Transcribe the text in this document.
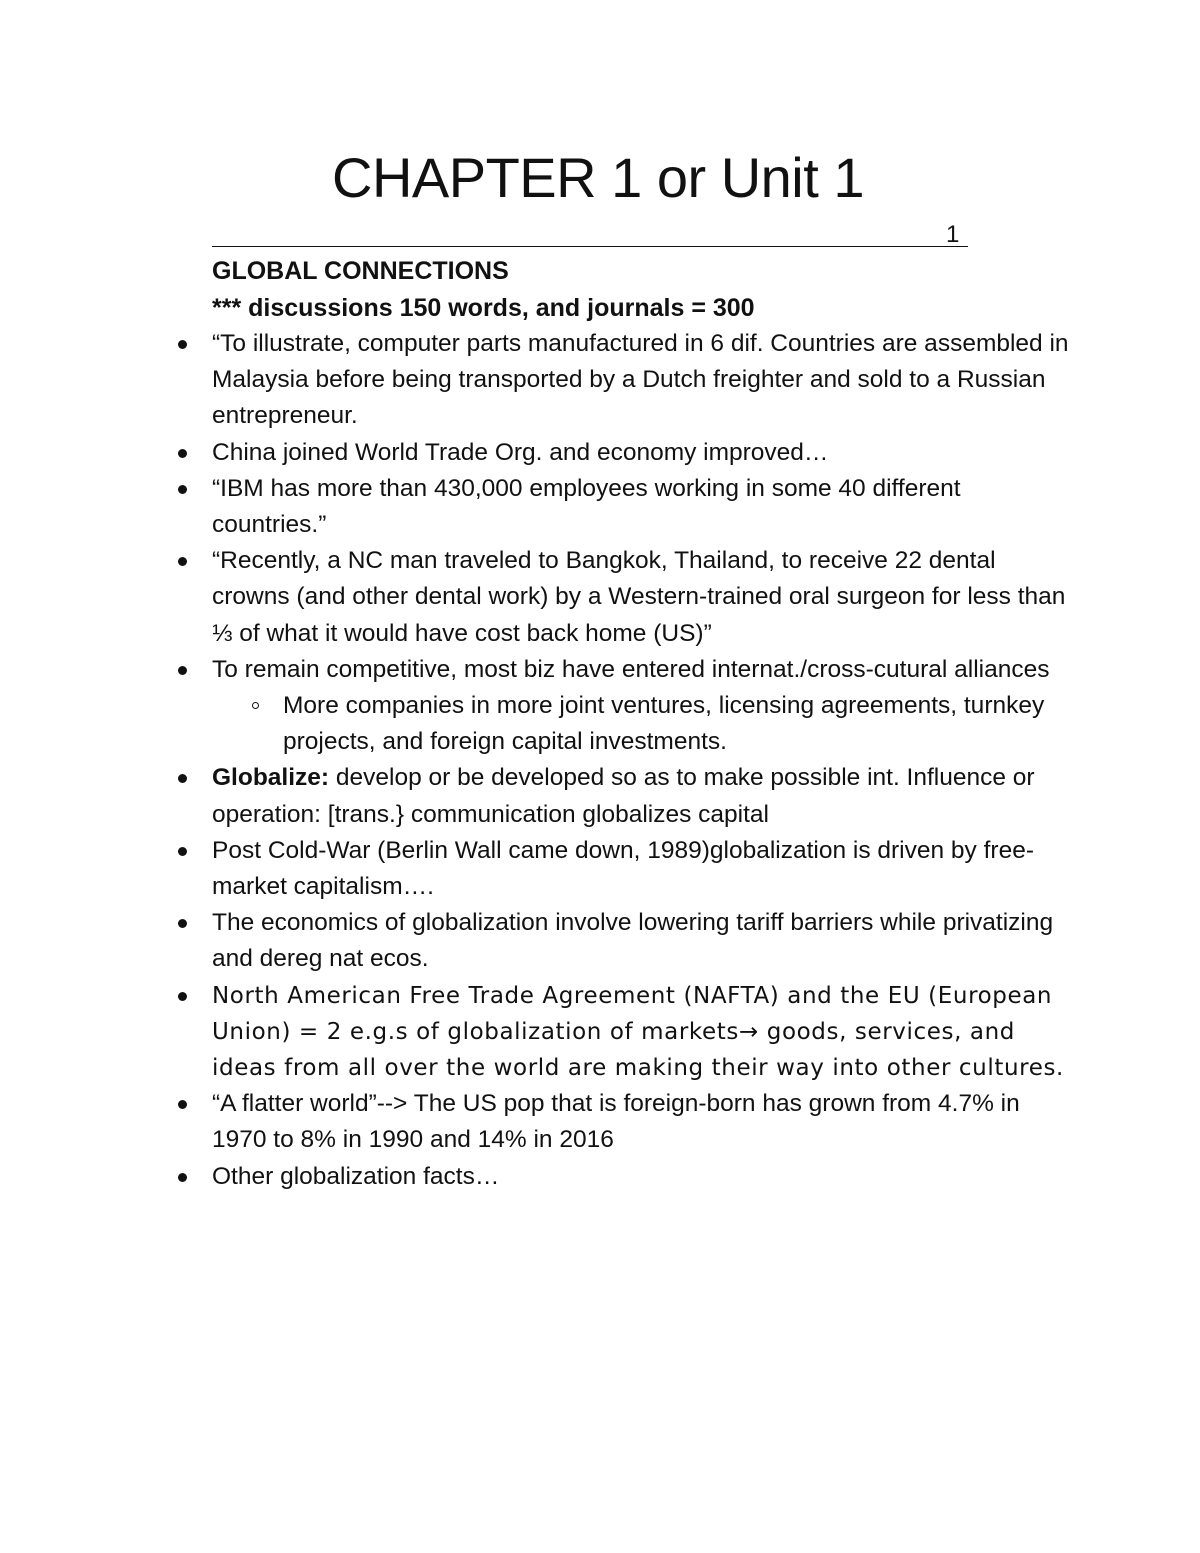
CHAPTER 1 or Unit 1
1
GLOBAL CONNECTIONS
*** discussions 150 words, and journals = 300
“To illustrate, computer parts manufactured in 6 dif. Countries are assembled in Malaysia before being transported by a Dutch freighter and sold to a Russian entrepreneur.
China joined World Trade Org. and economy improved…
“IBM has more than 430,000 employees working in some 40 different countries.”
“Recently, a NC man traveled to Bangkok, Thailand, to receive 22 dental crowns (and other dental work) by a Western-trained oral surgeon for less than ⅓ of what it would have cost back home (US)”
To remain competitive, most biz have entered internat./cross-cutural alliances
More companies in more joint ventures, licensing agreements, turnkey projects, and foreign capital investments.
Globalize: develop or be developed so as to make possible int. Influence or operation: [trans.} communication globalizes capital
Post Cold-War (Berlin Wall came down, 1989)globalization is driven by free-market capitalism….
The economics of globalization involve lowering tariff barriers while privatizing and dereg nat ecos.
North American Free Trade Agreement (NAFTA) and the EU (European Union) = 2 e.g.s of globalization of markets→ goods, services, and ideas from all over the world are making their way into other cultures.
“A flatter world”--> The US pop that is foreign-born has grown from 4.7% in 1970 to 8% in 1990 and 14% in 2016
Other globalization facts…
